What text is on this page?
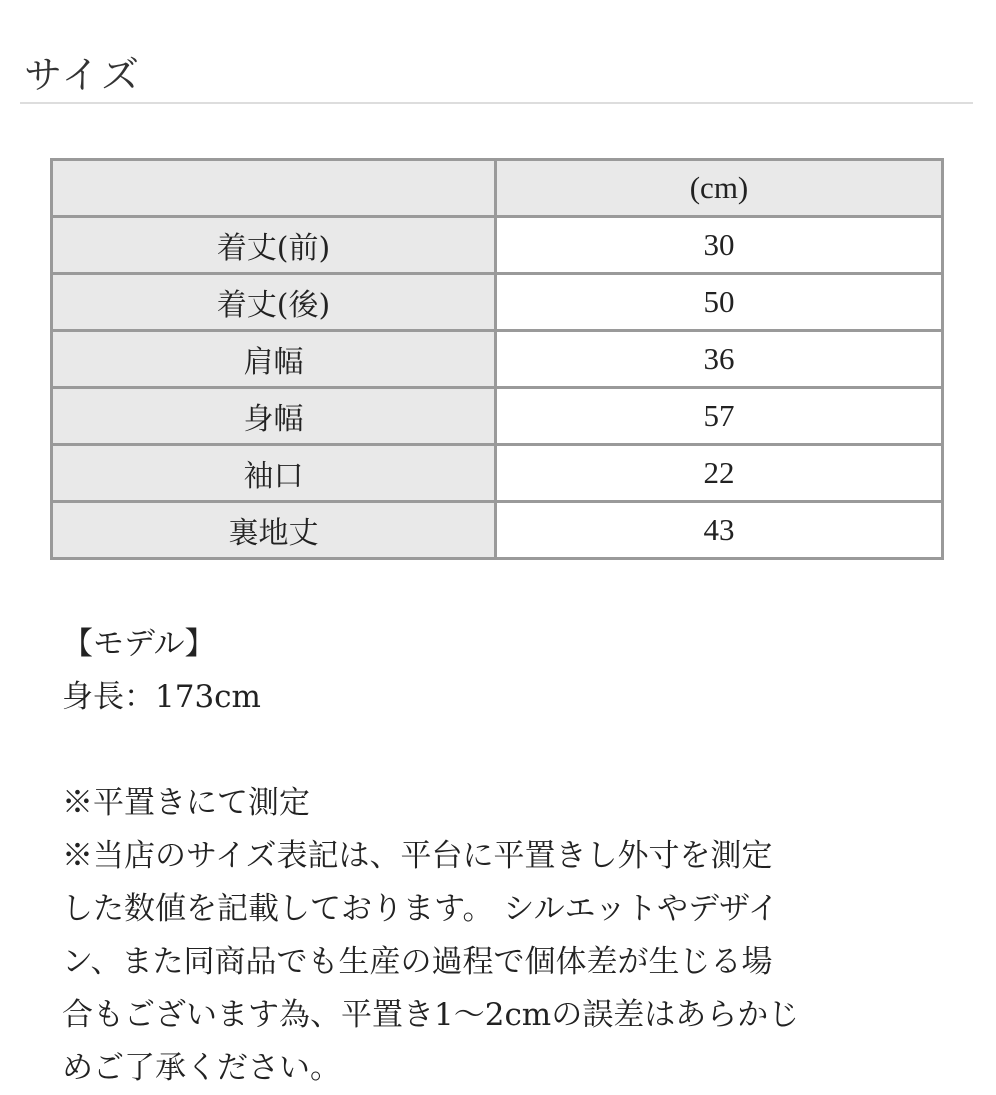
サイズ
	(cm)
着丈(前)	30
着丈(後)	50
肩幅	36
身幅	57
袖口	22
裏地丈	43
【モデル】
身長：173cm
※平置きにて測定
※当店のサイズ表記は、平台に平置きし外寸を測定
した数値を記載しております。 シルエットやデザイ
ン、また同商品でも生産の過程で個体差が生じる場
合もございます為、平置き1～2cmの誤差はあらかじ
めご了承ください。
